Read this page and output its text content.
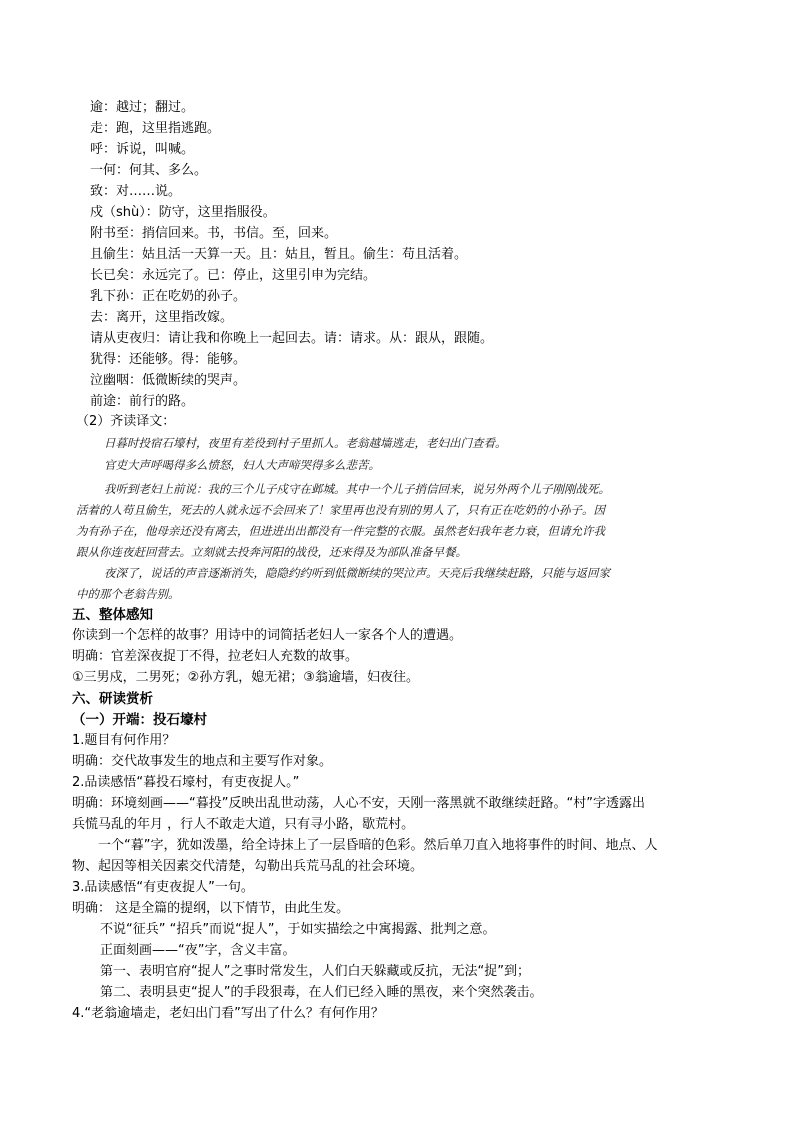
逾：越过；翻过。
走：跑，这里指逃跑。
呼：诉说，叫喊。
一何：何其、多么。
致：对……说。
戍（shù）：防守，这里指服役。
附书至：捎信回来。书，书信。至，回来。
且偷生：姑且活一天算一天。且：姑且，暂且。偷生：苟且活着。
长已矣：永远完了。已：停止，这里引申为完结。
乳下孙：正在吃奶的孙子。
去：离开，这里指改嫁。
请从吏夜归：请让我和你晚上一起回去。请：请求。从：跟从，跟随。
犹得：还能够。得：能够。
泣幽咽：低微断续的哭声。
前途：前行的路。
（2）齐读译文：
日暮时投宿石壕村，夜里有差役到村子里抓人。老翁越墙逃走，老妇出门查看。
官吏大声呼喝得多么愤怒，妇人大声啼哭得多么悲苦。
我听到老妇上前说：我的三个儿子戍守在邺城。其中一个儿子捎信回来，说另外两个儿子刚刚战死。
活着的人苟且偷生，死去的人就永远不会回来了！家里再也没有别的男人了，只有正在吃奶的小孙子。因
为有孙子在，他母亲还没有离去，但进进出出都没有一件完整的衣服。虽然老妇我年老力衰，但请允许我
跟从你连夜赶回营去。立刻就去投奔河阳的战役，还来得及为部队准备早餐。
夜深了，说话的声音逐渐消失，隐隐约约听到低微断续的哭泣声。天亮后我继续赶路，只能与返回家
中的那个老翁告别。
五、整体感知
你读到一个怎样的故事？用诗中的词简括老妇人一家各个人的遭遇。
明确：官差深夜捉丁不得，拉老妇人充数的故事。
①三男戍，二男死；②孙方乳，媳无裙；③翁逾墙，妇夜往。
六、研读赏析
（一）开端：投石壕村
1.题目有何作用？
明确：交代故事发生的地点和主要写作对象。
2.品读感悟“暮投石壕村，有吏夜捉人。”
明确：环境刻画——“暮投”反映出乱世动荡，人心不安，天刚一落黑就不敢继续赶路。“村”字透露出
兵慌马乱的年月 ，行人不敢走大道，只有寻小路，歇荒村。
一个“暮”字，犹如泼墨，给全诗抹上了一层昏暗的色彩。然后单刀直入地将事件的时间、地点、人
物、起因等相关因素交代清楚，勾勒出兵荒马乱的社会环境。
3.品读感悟“有吏夜捉人”一句。
明确： 这是全篇的提纲，以下情节，由此生发。
不说“征兵” “招兵”而说“捉人”，于如实描绘之中寓揭露、批判之意。
正面刻画——“夜”字，含义丰富。
第一、表明官府“捉人”之事时常发生，人们白天躲藏或反抗，无法“捉”到；
第二、表明县吏“捉人”的手段狠毒，在人们已经入睡的黑夜，来个突然袭击。
4.“老翁逾墙走，老妇出门看”写出了什么？有何作用？
